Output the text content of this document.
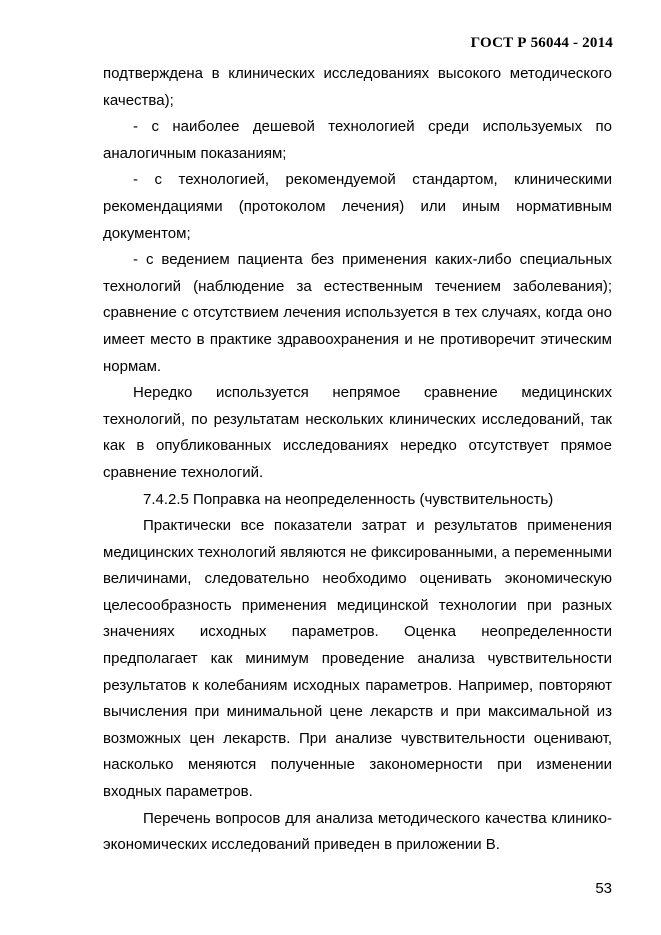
ГОСТ Р 56044 - 2014

подтверждена в клинических исследованиях высокого методического качества);

- с наиболее дешевой технологией среди используемых по аналогичным показаниям;

- с технологией, рекомендуемой стандартом, клиническими рекомендациями (протоколом лечения) или иным нормативным документом;

- с ведением пациента без применения каких-либо специальных технологий (наблюдение за естественным течением заболевания); сравнение с отсутствием лечения используется в тех случаях, когда оно имеет место в практике здравоохранения и не противоречит этическим нормам.

Нередко используется непрямое сравнение медицинских технологий, по результатам нескольких клинических исследований, так как в опубликованных исследованиях нередко отсутствует прямое сравнение технологий.

7.4.2.5 Поправка на неопределенность (чувствительность)

Практически все показатели затрат и результатов применения медицинских технологий являются не фиксированными, а переменными величинами, следовательно необходимо оценивать экономическую целесообразность применения медицинской технологии при разных значениях исходных параметров. Оценка неопределенности предполагает как минимум проведение анализа чувствительности результатов к колебаниям исходных параметров. Например, повторяют вычисления при минимальной цене лекарств и при максимальной из возможных цен лекарств. При анализе чувствительности оценивают, насколько меняются полученные закономерности при изменении входных параметров.

Перечень вопросов для анализа методического качества клинико-экономических исследований приведен в приложении В.

53
